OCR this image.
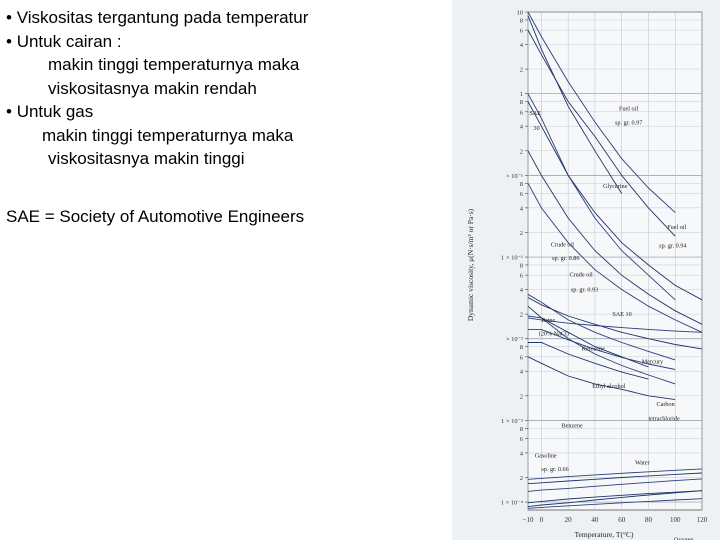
• Viskositas tergantung pada temperatur
• Untuk cairan :
makin tinggi temperaturnya maka
viskositasnya makin rendah
• Untuk gas
makin tinggi temperaturnya maka
viskositasnya makin tinggi
SAE = Society of Automotive Engineers
10
8
6
4
2
1
8
6
4
2
× 10⁻¹
8
6
4
2
1 × 10⁻¹
8
6
4
2
× 10⁻²
8
6
4
2
1 × 10⁻³
8
6
4
2
1 × 10⁻⁴
−10 0	20	40	60	80	100 120
SAE
30
Fuel oil
sp. gr. 0.97
Glycerine
Fuel oil
sp. gr. 0.94
Crude oil
sp. gr. 0.86
Crude oil
sp. gr. 0.93
SAE 10
Brine
(20% NaCl)
Kerosene
Mercury
Ethyl alcohol
Carbon
tetrachloride
Benzene
Gasoline
sp. gr. 0.66
Water
Oxygen
Dynamic viscosity, μ(N·s/m² or Pa·s)
Temperature, T(°C)
